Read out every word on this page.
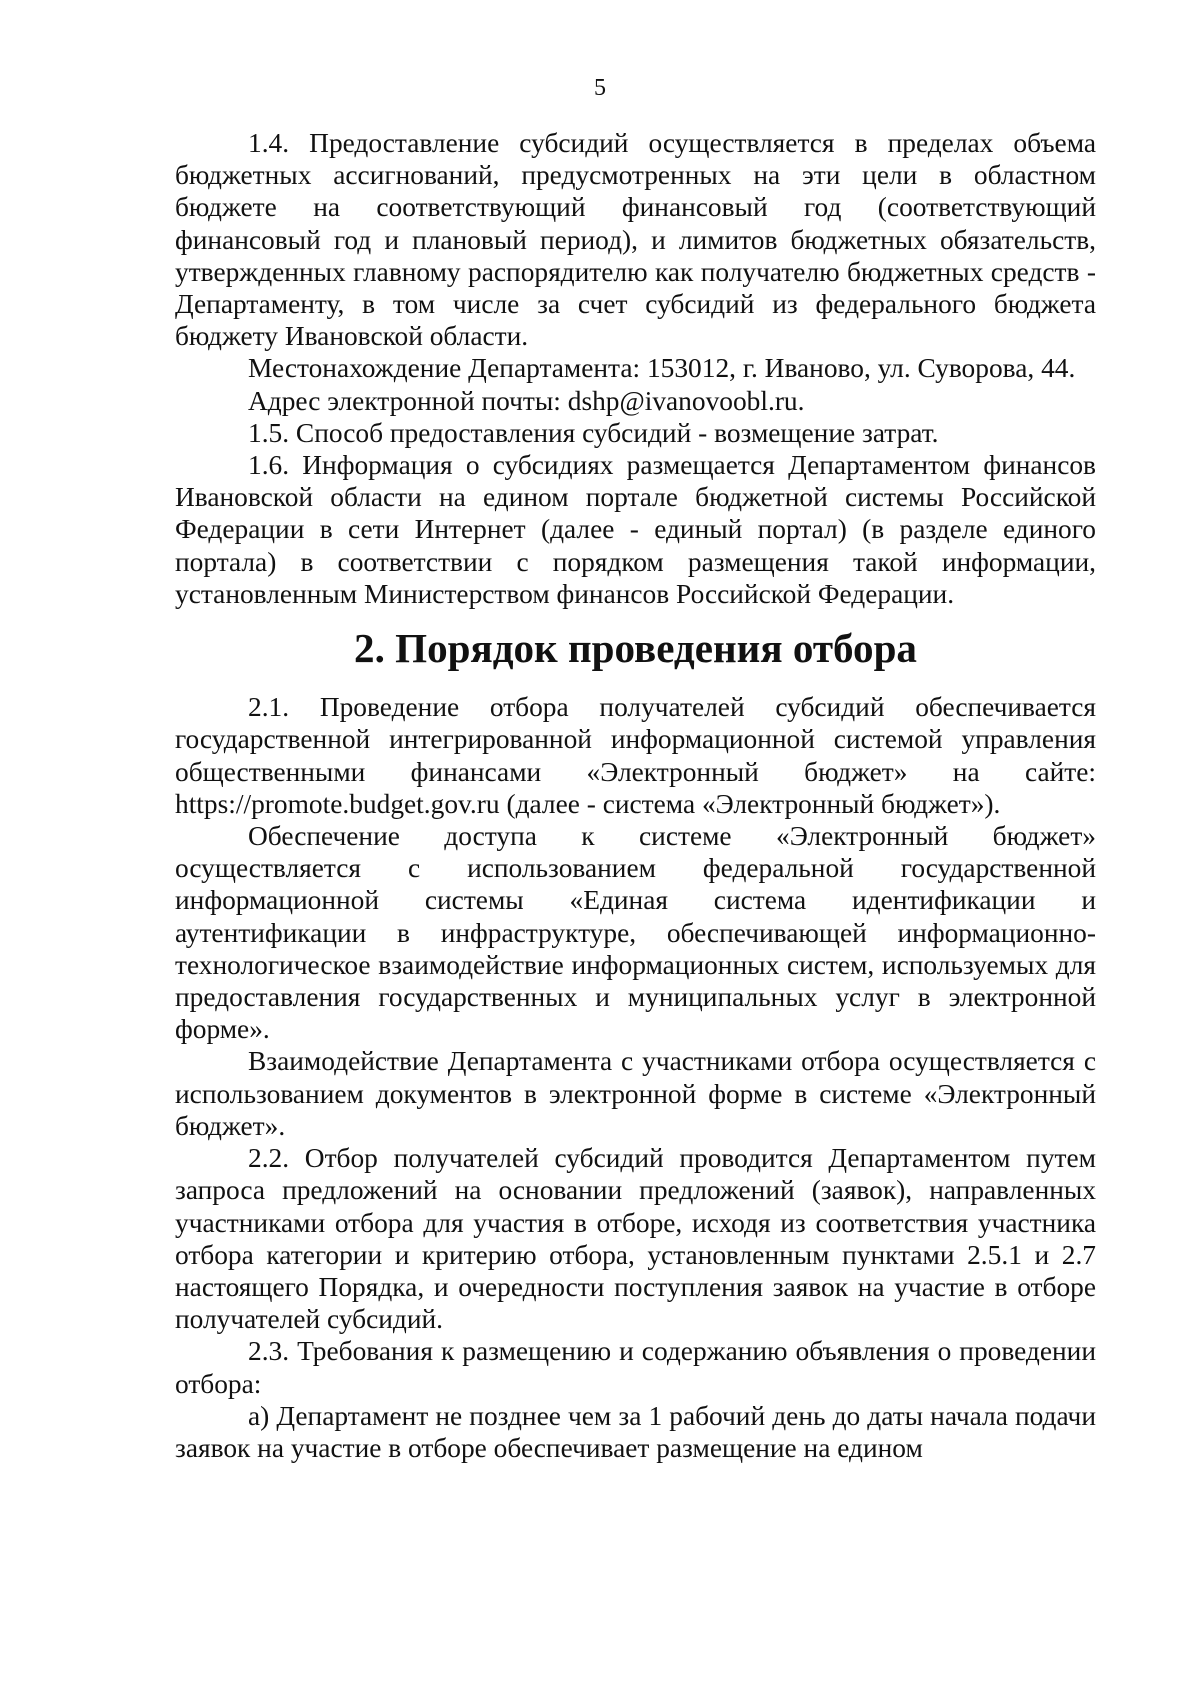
5

1.4. Предоставление субсидий осуществляется в пределах объема бюджетных ассигнований, предусмотренных на эти цели в областном бюджете на соответствующий финансовый год (соответствующий финансовый год и плановый период), и лимитов бюджетных обязательств, утвержденных главному распорядителю как получателю бюджетных средств - Департаменту, в том числе за счет субсидий из федерального бюджета бюджету Ивановской области.

Местонахождение Департамента: 153012, г. Иваново, ул. Суворова, 44.

Адрес электронной почты: dshp@ivanovoobl.ru.

1.5. Способ предоставления субсидий - возмещение затрат.

1.6. Информация о субсидиях размещается Департаментом финансов Ивановской области на едином портале бюджетной системы Российской Федерации в сети Интернет (далее - единый портал) (в разделе единого портала) в соответствии с порядком размещения такой информации, установленным Министерством финансов Российской Федерации.

2. Порядок проведения отбора

2.1. Проведение отбора получателей субсидий обеспечивается государственной интегрированной информационной системой управления общественными финансами «Электронный бюджет» на сайте: https://promote.budget.gov.ru (далее - система «Электронный бюджет»).

Обеспечение доступа к системе «Электронный бюджет» осуществляется с использованием федеральной государственной информационной системы «Единая система идентификации и аутентификации в инфраструктуре, обеспечивающей информационно-технологическое взаимодействие информационных систем, используемых для предоставления государственных и муниципальных услуг в электронной форме».

Взаимодействие Департамента с участниками отбора осуществляется с использованием документов в электронной форме в системе «Электронный бюджет».

2.2. Отбор получателей субсидий проводится Департаментом путем запроса предложений на основании предложений (заявок), направленных участниками отбора для участия в отборе, исходя из соответствия участника отбора категории и критерию отбора, установленным пунктами 2.5.1 и 2.7 настоящего Порядка, и очередности поступления заявок на участие в отборе получателей субсидий.

2.3. Требования к размещению и содержанию объявления о проведении отбора:

а) Департамент не позднее чем за 1 рабочий день до даты начала подачи заявок на участие в отборе обеспечивает размещение на едином
